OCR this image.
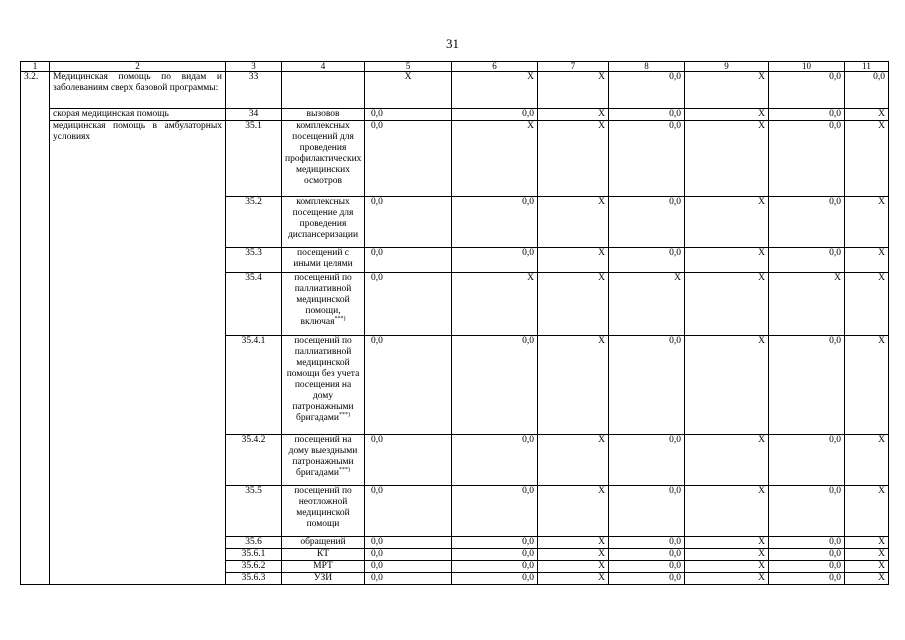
31
1	2	3	4	5	6	7	8	9	10	11
3.2.	Медицинская помощь по видам и заболеваниям сверх базовой программы:	33		X	X	X	0,0	X	0,0	0,0
	скорая медицинская помощь	34	вызовов	0,0	0,0	X	0,0	X	0,0	X
	медицинская помощь в амбулаторных условиях	35.1	комплексных посещений для проведения профилактических медицинских осмотров	0,0	X	X	0,0	X	0,0	X
		35.2	комплексных посещение для проведения диспансеризации	0,0	0,0	X	0,0	X	0,0	X
		35.3	посещений с иными целями	0,0	0,0	X	0,0	X	0,0	X
		35.4	посещений по паллиативной медицинской помощи, включая***)	0,0	X	X	X	X	X	X
		35.4.1	посещений по паллиативной медицинской помощи без учета посещения на дому патронажными бригадами***)	0,0	0,0	X	0,0	X	0,0	X
		35.4.2	посещений на дому выездными патронажными бригадами***)	0,0	0,0	X	0,0	X	0,0	X
		35.5	посещений по неотложной медицинской помощи	0,0	0,0	X	0,0	X	0,0	X
		35.6	обращений	0,0	0,0	X	0,0	X	0,0	X
		35.6.1	КТ	0,0	0,0	X	0,0	X	0,0	X
		35.6.2	МРТ	0,0	0,0	X	0,0	X	0,0	X
		35.6.3	УЗИ	0,0	0,0	X	0,0	X	0,0	X
